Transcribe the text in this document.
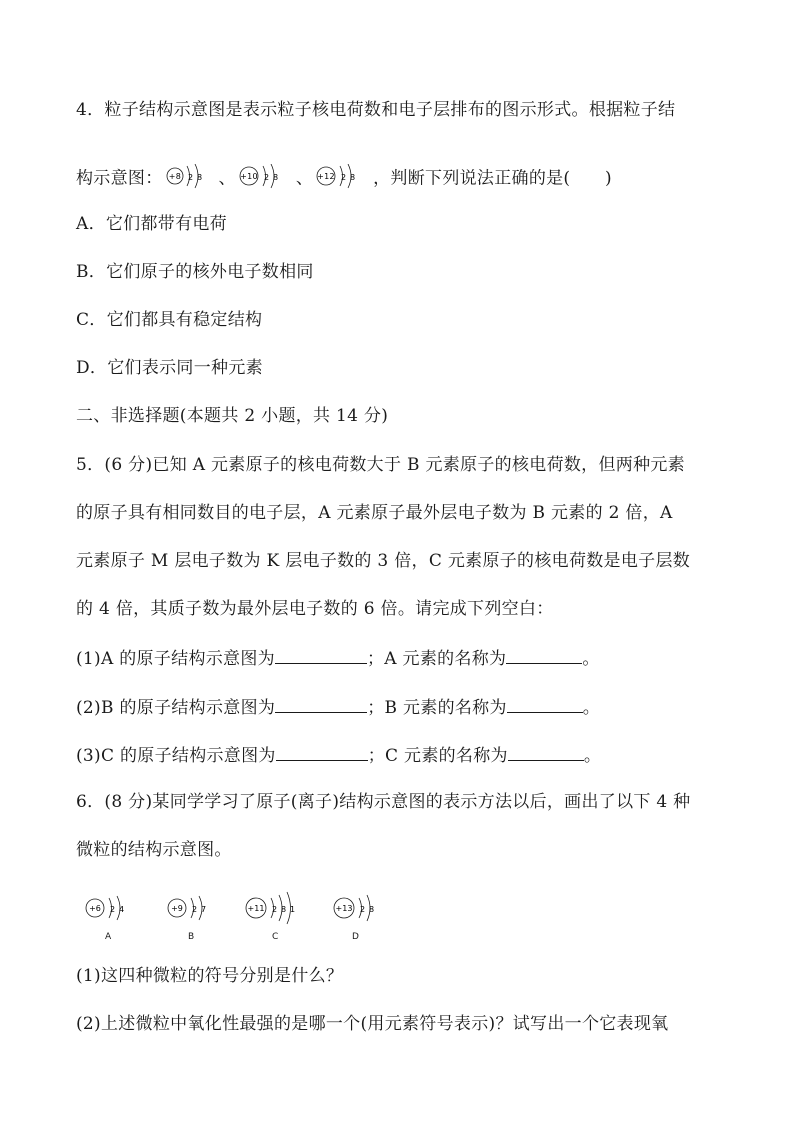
4．粒子结构示意图是表示粒子核电荷数和电子层排布的图示形式。根据粒子结
构示意图： +8 2 8 、 +10 2 8 、 +12 2 8 ，判断下列说法正确的是(　　)
A．它们都带有电荷
B．它们原子的核外电子数相同
C．它们都具有稳定结构
D．它们表示同一种元素
二、非选择题(本题共 2 小题，共 14 分)
5．(6 分)已知 A 元素原子的核电荷数大于 B 元素原子的核电荷数，但两种元素
的原子具有相同数目的电子层，A 元素原子最外层电子数为 B 元素的 2 倍，A
元素原子 M 层电子数为 K 层电子数的 3 倍，C 元素原子的核电荷数是电子层数
的 4 倍，其质子数为最外层电子数的 6 倍。请完成下列空白：
(1)A 的原子结构示意图为	；A 元素的名称为	。
(2)B 的原子结构示意图为	；B 元素的名称为	。
(3)C 的原子结构示意图为	；C 元素的名称为	。
6．(8 分)某同学学习了原子(离子)结构示意图的表示方法以后，画出了以下 4 种
微粒的结构示意图。
+6 2 4
A
+9 2 7
B
+11 2 8 1
C
+13 2 8
D
(1)这四种微粒的符号分别是什么？
(2)上述微粒中氧化性最强的是哪一个(用元素符号表示)？试写出一个它表现氧
